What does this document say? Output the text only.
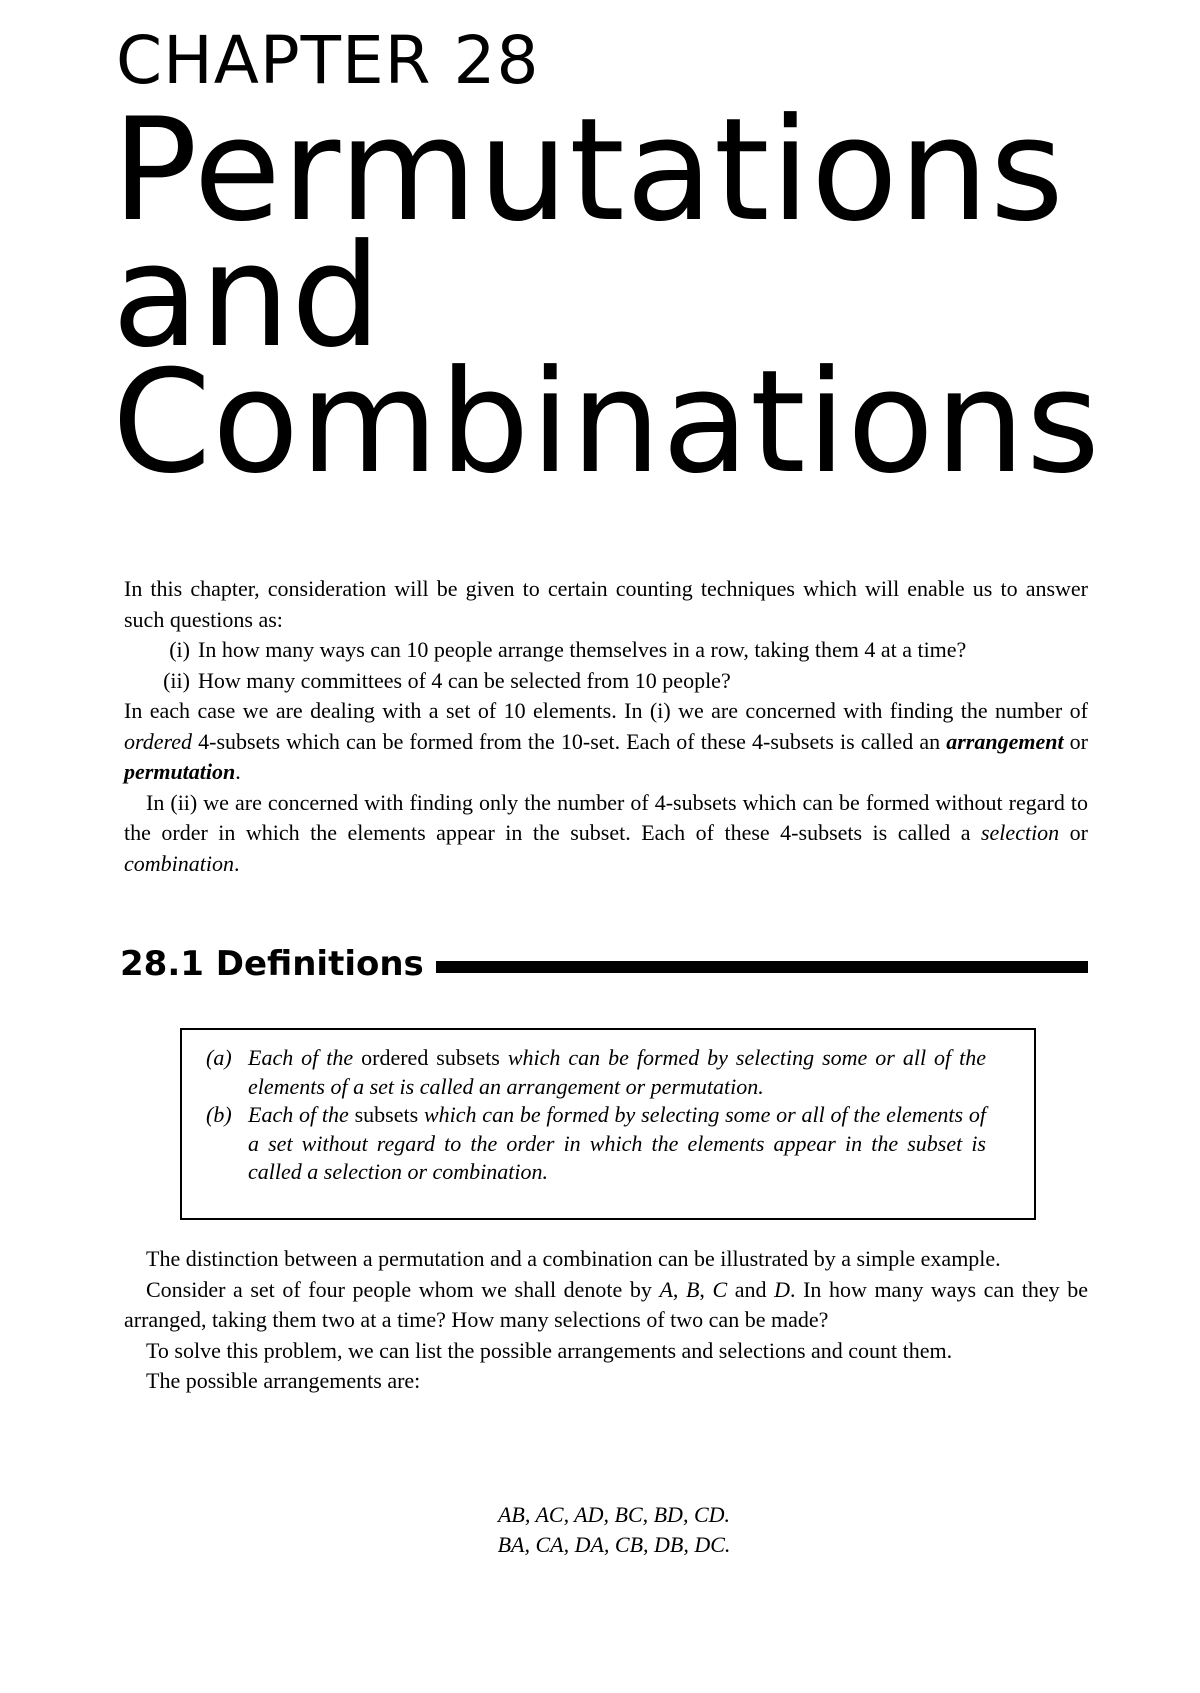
CHAPTER 28
Permutations
and
Combinations

In this chapter, consideration will be given to certain counting techniques which will enable us to answer such questions as:

(i) In how many ways can 10 people arrange themselves in a row, taking them 4 at a time?
(ii) How many committees of 4 can be selected from 10 people?

In each case we are dealing with a set of 10 elements. In (i) we are concerned with finding the number of ordered 4-subsets which can be formed from the 10-set. Each of these 4-subsets is called an arrangement or permutation.

In (ii) we are concerned with finding only the number of 4-subsets which can be formed without regard to the order in which the elements appear in the subset. Each of these 4-subsets is called a selection or combination.

28.1 Definitions
(a) Each of the ordered subsets which can be formed by selecting some or all of the elements of a set is called an arrangement or permutation.
(b) Each of the subsets which can be formed by selecting some or all of the elements of a set without regard to the order in which the elements appear in the subset is called a selection or combination.

The distinction between a permutation and a combination can be illustrated by a simple example.

Consider a set of four people whom we shall denote by A, B, C and D. In how many ways can they be arranged, taking them two at a time? How many selections of two can be made?

To solve this problem, we can list the possible arrangements and selections and count them.

The possible arrangements are:

AB, AC, AD, BC, BD, CD.
BA, CA, DA, CB, DB, DC.
